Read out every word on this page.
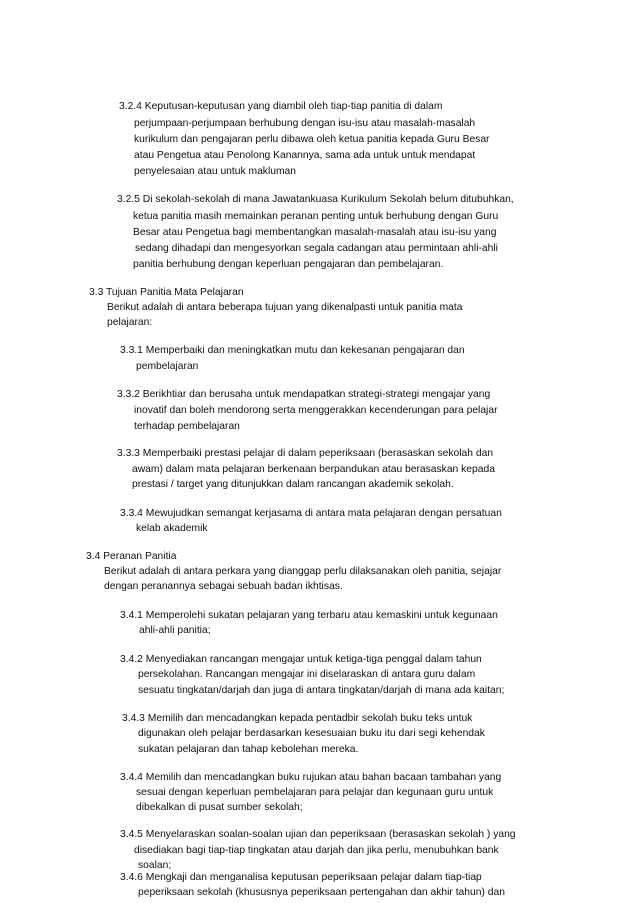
3.2.4 Keputusan-keputusan yang diambil oleh tiap-tiap panitia di dalam
perjumpaan-perjumpaan berhubung dengan isu-isu atau masalah-masalah
kurikulum dan pengajaran perlu dibawa oleh ketua panitia kepada Guru Besar
atau Pengetua atau Penolong Kanannya, sama ada untuk untuk mendapat
penyelesaian atau untuk makluman
3.2.5 Di sekolah-sekolah di mana Jawatankuasa Kurikulum Sekolah belum ditubuhkan,
ketua panitia masih memainkan peranan penting untuk berhubung dengan Guru
Besar atau Pengetua bagi membentangkan masalah-masalah atau isu-isu yang
sedang dihadapi dan mengesyorkan segala cadangan atau permintaan ahli-ahli
panitia berhubung dengan keperluan pengajaran dan pembelajaran.
3.3 Tujuan Panitia Mata Pelajaran
Berikut adalah di antara beberapa tujuan yang dikenalpasti untuk panitia mata
pelajaran:
3.3.1 Memperbaiki dan meningkatkan mutu dan kekesanan pengajaran dan
pembelajaran
3.3.2 Berikhtiar dan berusaha untuk mendapatkan strategi-strategi mengajar yang
inovatif dan boleh mendorong serta menggerakkan kecenderungan para pelajar
terhadap pembelajaran
3.3.3 Memperbaiki prestasi pelajar di dalam peperiksaan (berasaskan sekolah dan
awam) dalam mata pelajaran berkenaan berpandukan atau berasaskan kepada
prestasi / target yang ditunjukkan dalam rancangan akademik sekolah.
3.3.4 Mewujudkan semangat kerjasama di antara mata pelajaran dengan persatuan
kelab akademik
3.4 Peranan Panitia
Berikut adalah di antara perkara yang dianggap perlu dilaksanakan oleh panitia, sejajar
dengan peranannya sebagai sebuah badan ikhtisas.
3.4.1 Memperolehi sukatan pelajaran yang terbaru atau kemaskini untuk kegunaan
ahli-ahli panitia;
3.4.2 Menyediakan rancangan mengajar untuk ketiga-tiga penggal dalam tahun
persekolahan. Rancangan mengajar ini diselaraskan di antara guru dalam
sesuatu tingkatan/darjah dan juga di antara tingkatan/darjah di mana ada kaitan;
3.4.3 Memilih dan mencadangkan kepada pentadbir sekolah buku teks untuk
digunakan oleh pelajar berdasarkan kesesuaian buku itu dari segi kehendak
sukatan pelajaran dan tahap kebolehan mereka.
3.4.4 Memilih dan mencadangkan buku rujukan atau bahan bacaan tambahan yang
sesuai dengan keperluan pembelajaran para pelajar dan kegunaan guru untuk
dibekalkan di pusat sumber sekolah;
3.4.5 Menyelaraskan soalan-soalan ujian dan peperiksaan (berasaskan sekolah ) yang
disediakan bagi tiap-tiap tingkatan atau darjah dan jika perlu, menubuhkan bank
soalan;
3.4.6 Mengkaji dan menganalisa keputusan peperiksaan pelajar dalam tiap-tiap
peperiksaan sekolah (khususnya peperiksaan pertengahan dan akhir tahun) dan
